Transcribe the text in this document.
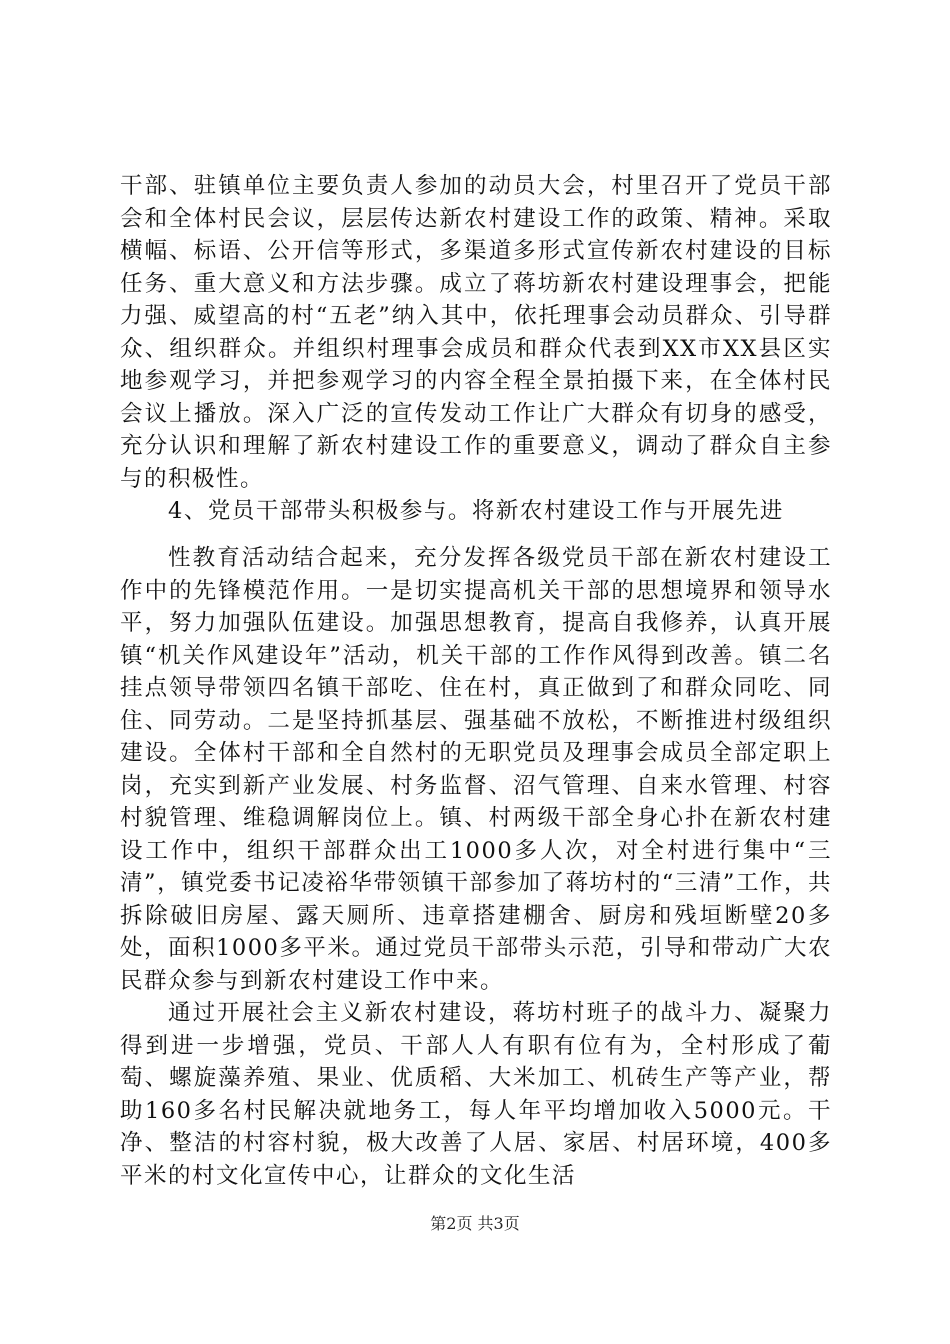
干部、驻镇单位主要负责人参加的动员大会，村里召开了党员干部会和全体村民会议，层层传达新农村建设工作的政策、精神。采取横幅、标语、公开信等形式，多渠道多形式宣传新农村建设的目标任务、重大意义和方法步骤。成立了蒋坊新农村建设理事会，把能力强、威望高的村“五老”纳入其中，依托理事会动员群众、引导群众、组织群众。并组织村理事会成员和群众代表到XX市XX县区实地参观学习，并把参观学习的内容全程全景拍摄下来，在全体村民会议上播放。深入广泛的宣传发动工作让广大群众有切身的感受，充分认识和理解了新农村建设工作的重要意义，调动了群众自主参与的积极性。

4、党员干部带头积极参与。将新农村建设工作与开展先进

性教育活动结合起来，充分发挥各级党员干部在新农村建设工作中的先锋模范作用。一是切实提高机关干部的思想境界和领导水平，努力加强队伍建设。加强思想教育，提高自我修养，认真开展镇“机关作风建设年”活动，机关干部的工作作风得到改善。镇二名挂点领导带领四名镇干部吃、住在村，真正做到了和群众同吃、同住、同劳动。二是坚持抓基层、强基础不放松，不断推进村级组织建设。全体村干部和全自然村的无职党员及理事会成员全部定职上岗，充实到新产业发展、村务监督、沼气管理、自来水管理、村容村貌管理、维稳调解岗位上。镇、村两级干部全身心扑在新农村建设工作中，组织干部群众出工1000多人次，对全村进行集中“三清”，镇党委书记凌裕华带领镇干部参加了蒋坊村的“三清”工作，共拆除破旧房屋、露天厕所、违章搭建棚舍、厨房和残垣断壁20多处，面积1000多平米。通过党员干部带头示范，引导和带动广大农民群众参与到新农村建设工作中来。

通过开展社会主义新农村建设，蒋坊村班子的战斗力、凝聚力得到进一步增强，党员、干部人人有职有位有为，全村形成了葡萄、螺旋藻养殖、果业、优质稻、大米加工、机砖生产等产业，帮助160多名村民解决就地务工，每人年平均增加收入5000元。干净、整洁的村容村貌，极大改善了人居、家居、村居环境，400多平米的村文化宣传中心，让群众的文化生活

第2页 共3页
